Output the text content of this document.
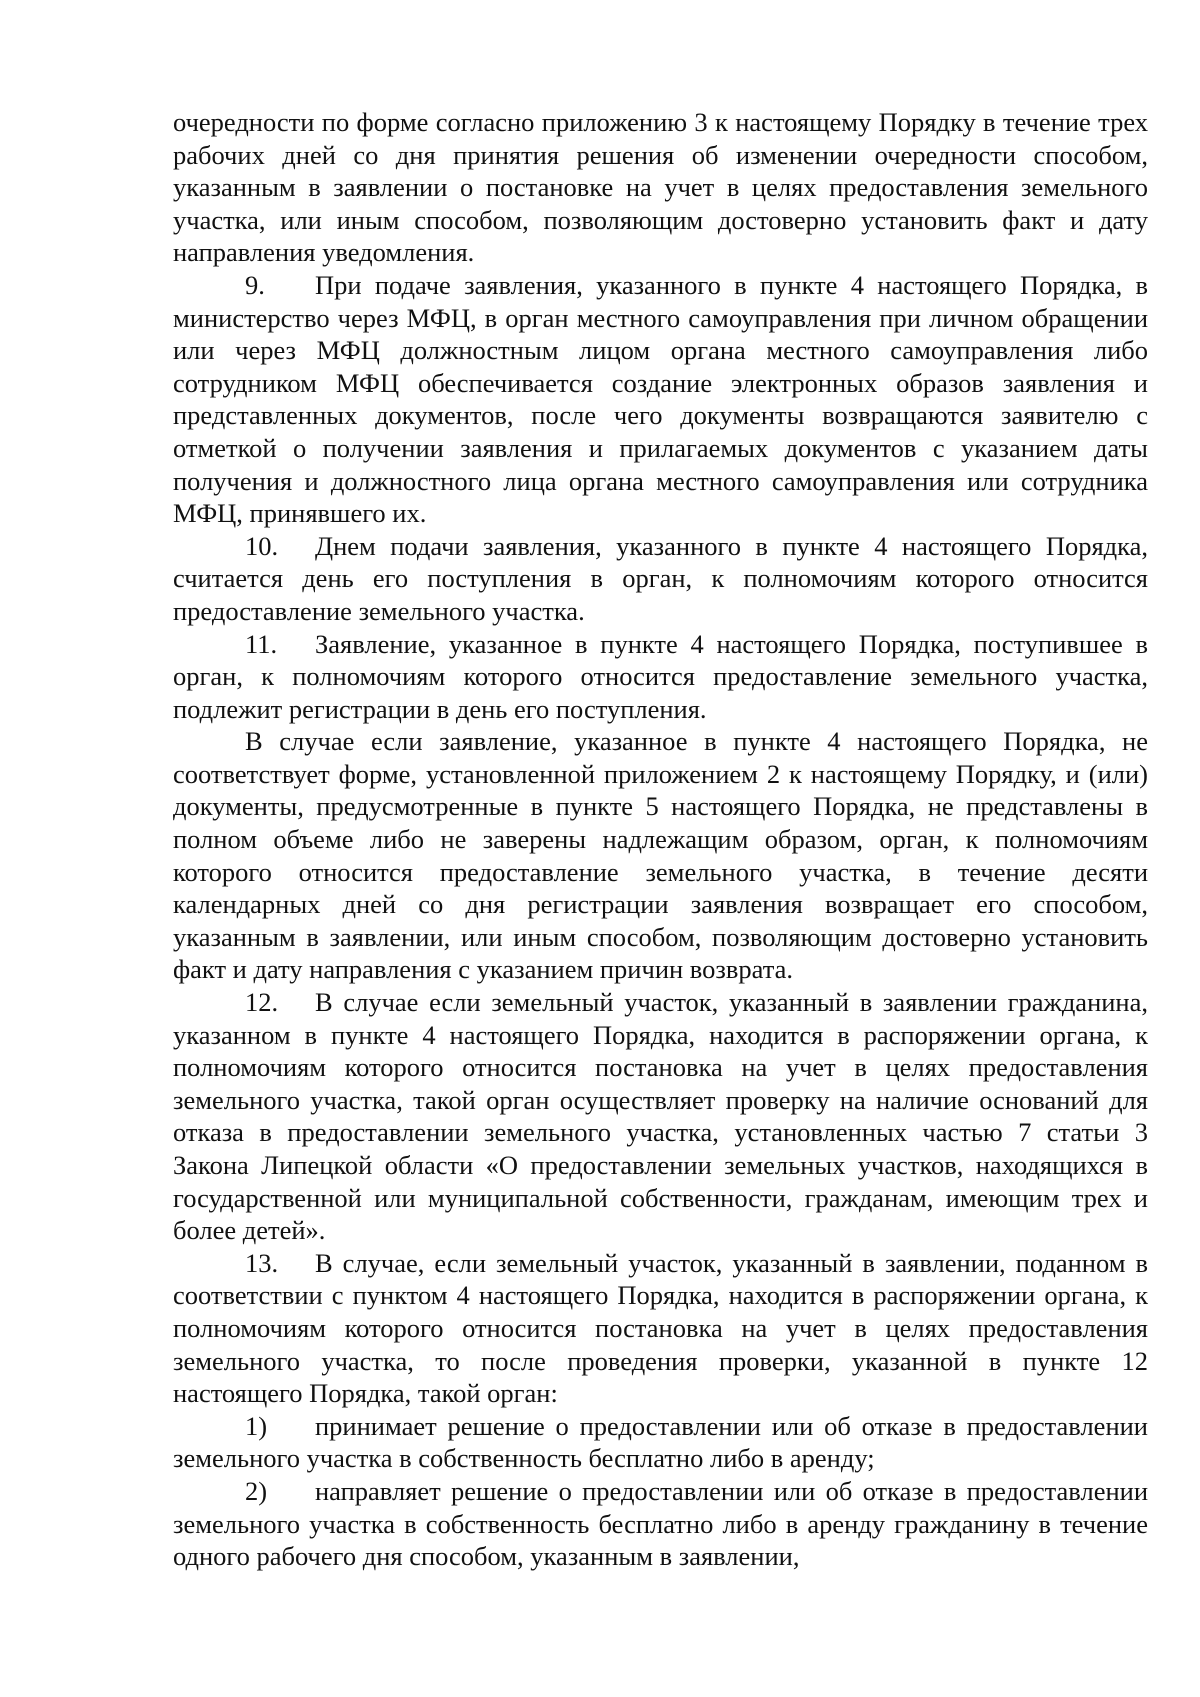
очередности по форме согласно приложению 3 к настоящему Порядку в течение трех рабочих дней со дня принятия решения об изменении очередности способом, указанным в заявлении о постановке на учет в целях предоставления земельного участка, или иным способом, позволяющим достоверно установить факт и дату направления уведомления.

9. При подаче заявления, указанного в пункте 4 настоящего Порядка, в министерство через МФЦ, в орган местного самоуправления при личном обращении или через МФЦ должностным лицом органа местного самоуправления либо сотрудником МФЦ обеспечивается создание электронных образов заявления и представленных документов, после чего документы возвращаются заявителю с отметкой о получении заявления и прилагаемых документов с указанием даты получения и должностного лица органа местного самоуправления или сотрудника МФЦ, принявшего их.

10. Днем подачи заявления, указанного в пункте 4 настоящего Порядка, считается день его поступления в орган, к полномочиям которого относится предоставление земельного участка.

11. Заявление, указанное в пункте 4 настоящего Порядка, поступившее в орган, к полномочиям которого относится предоставление земельного участка, подлежит регистрации в день его поступления.

В случае если заявление, указанное в пункте 4 настоящего Порядка, не соответствует форме, установленной приложением 2 к настоящему Порядку, и (или) документы, предусмотренные в пункте 5 настоящего Порядка, не представлены в полном объеме либо не заверены надлежащим образом, орган, к полномочиям которого относится предоставление земельного участка, в течение десяти календарных дней со дня регистрации заявления возвращает его способом, указанным в заявлении, или иным способом, позволяющим достоверно установить факт и дату направления с указанием причин возврата.

12. В случае если земельный участок, указанный в заявлении гражданина, указанном в пункте 4 настоящего Порядка, находится в распоряжении органа, к полномочиям которого относится постановка на учет в целях предоставления земельного участка, такой орган осуществляет проверку на наличие оснований для отказа в предоставлении земельного участка, установленных частью 7 статьи 3 Закона Липецкой области «О предоставлении земельных участков, находящихся в государственной или муниципальной собственности, гражданам, имеющим трех и более детей».

13. В случае, если земельный участок, указанный в заявлении, поданном в соответствии с пунктом 4 настоящего Порядка, находится в распоряжении органа, к полномочиям которого относится постановка на учет в целях предоставления земельного участка, то после проведения проверки, указанной в пункте 12 настоящего Порядка, такой орган:

1) принимает решение о предоставлении или об отказе в предоставлении земельного участка в собственность бесплатно либо в аренду;

2) направляет решение о предоставлении или об отказе в предоставлении земельного участка в собственность бесплатно либо в аренду гражданину в течение одного рабочего дня способом, указанным в заявлении,
